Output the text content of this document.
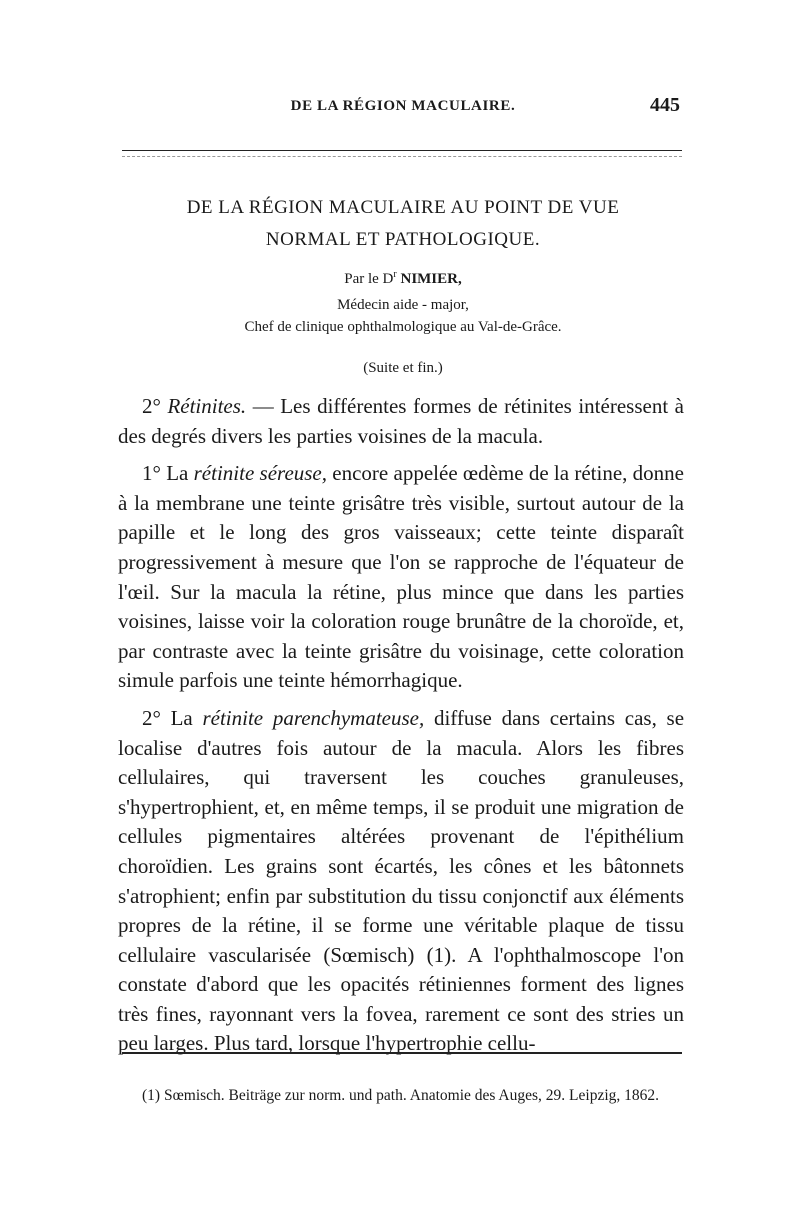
DE LA RÉGION MACULAIRE.	445
DE LA RÉGION MACULAIRE AU POINT DE VUE
NORMAL ET PATHOLOGIQUE.
Par le $D^r$ NIMIER,
Médecin aide - major,
Chef de clinique ophthalmologique au Val-de-Grâce.
(Suite et fin.)

2° Rétinites. — Les différentes formes de rétinites intéressent à des degrés divers les parties voisines de la macula.

1° La rétinite séreuse, encore appelée œdème de la rétine, donne à la membrane une teinte grisâtre très visible, surtout autour de la papille et le long des gros vaisseaux; cette teinte disparaît progressivement à mesure que l'on se rapproche de l'équateur de l'œil. Sur la macula la rétine, plus mince que dans les parties voisines, laisse voir la coloration rouge brunâtre de la choroïde, et, par contraste avec la teinte grisâtre du voisinage, cette coloration simule parfois une teinte hémorrhagique.

2° La rétinite parenchymateuse, diffuse dans certains cas, se localise d'autres fois autour de la macula. Alors les fibres cellulaires, qui traversent les couches granuleuses, s'hypertrophient, et, en même temps, il se produit une migration de cellules pigmentaires altérées provenant de l'épithélium choroïdien. Les grains sont écartés, les cônes et les bâtonnets s'atrophient; enfin par substitution du tissu conjonctif aux éléments propres de la rétine, il se forme une véritable plaque de tissu cellulaire vascularisée (Sœmisch) (1). A l'ophthalmoscope l'on constate d'abord que les opacités rétiniennes forment des lignes très fines, rayonnant vers la fovea, rarement ce sont des stries un peu larges. Plus tard, lorsque l'hypertrophie cellu-

(1) Sœmisch. Beiträge zur norm. und path. Anatomie des Auges, 29. Leipzig, 1862.
